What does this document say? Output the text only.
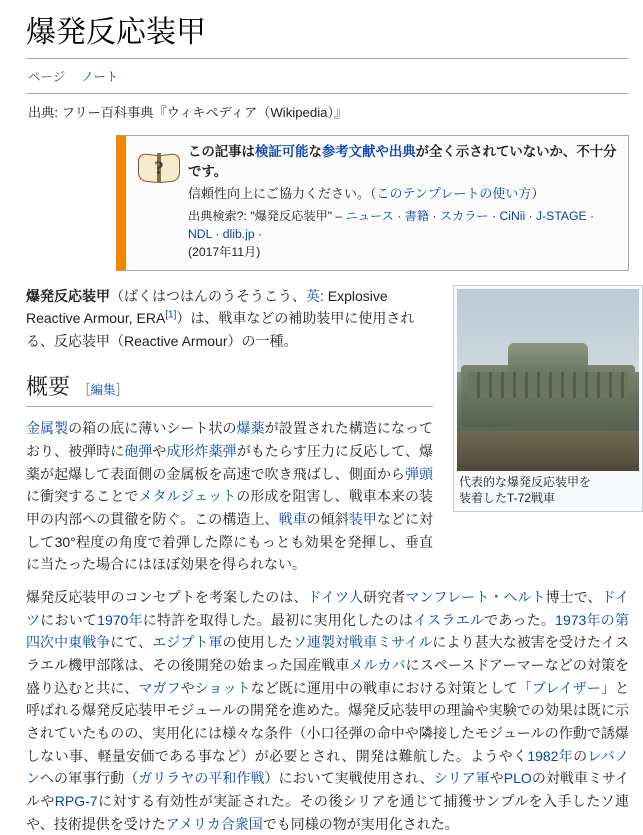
爆発反応装甲
ページ ノート
出典: フリー百科事典『ウィキペディア（Wikipedia）』
?
この記事は検証可能な参考文献や出典が全く示されていないか、不十分です。
信頼性向上にご協力ください。（このテンプレートの使い方）
出典検索?: "爆発反応装甲" – ニュース · 書籍 · スカラー · CiNii · J-STAGE · NDL · dlib.jp ·
(2017年11月)
代表的な爆発反応装甲を
装着したT-72戦車
爆発反応装甲（ばくはつはんのうそうこう、英: Explosive Reactive Armour, ERA[1]）は、戦車などの補助装甲に使用される、反応装甲（Reactive Armour）の一種。
概要 ［編集］

金属製の箱の底に薄いシート状の爆薬が設置された構造になっており、被弾時に砲弾や成形炸薬弾がもたらす圧力に反応して、爆薬が起爆して表面側の金属板を高速で吹き飛ばし、側面から弾頭に衝突することでメタルジェットの形成を阻害し、戦車本来の装甲の内部への貫徹を防ぐ。この構造上、戦車の傾斜装甲などに対して30°程度の角度で着弾した際にもっとも効果を発揮し、垂直に当たった場合にはほぼ効果を得られない。

爆発反応装甲のコンセプトを考案したのは、ドイツ人研究者マンフレート・ヘルト博士で、ドイツにおいて1970年に特許を取得した。最初に実用化したのはイスラエルであった。1973年の第四次中東戦争にて、エジプト軍の使用したソ連製対戦車ミサイルにより甚大な被害を受けたイスラエル機甲部隊は、その後開発の始まった国産戦車メルカバにスペースドアーマーなどの対策を盛り込むと共に、マガフやショットなど既に運用中の戦車における対策として「ブレイザー」と呼ばれる爆発反応装甲モジュールの開発を進めた。爆発反応装甲の理論や実験での効果は既に示されていたものの、実用化には様々な条件（小口径弾の命中や隣接したモジュールの作動で誘爆しない事、軽量安価である事など）が必要とされ、開発は難航した。ようやく1982年のレバノンへの軍事行動（ガリラヤの平和作戦）において実戦使用され、シリア軍やPLOの対戦車ミサイルやRPG-7に対する有効性が実証された。その後シリアを通じて捕獲サンプルを入手したソ連や、技術提供を受けたアメリカ合衆国でも同様の物が実用化された。
